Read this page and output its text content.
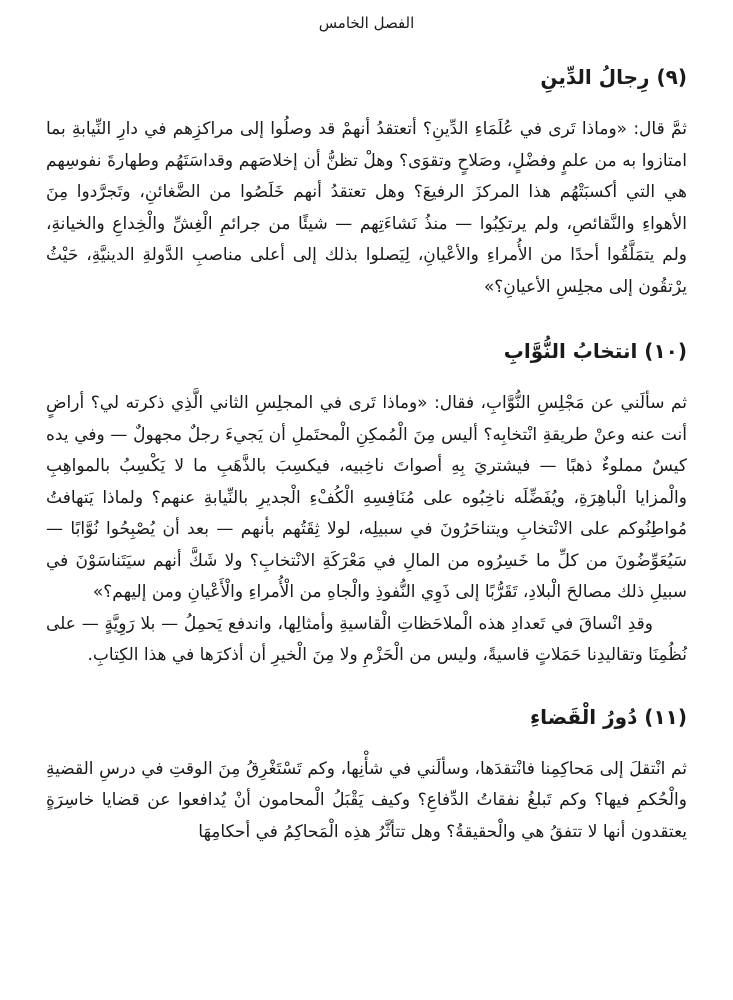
الفصل الخامس
(٩) رِجالُ الدِّينِ

ثمَّ قال: «وماذا تَرى في عُلَمَاءِ الدِّينِ؟ أتعتقدُ أنهمْ قد وصلُوا إلى مراكزِهم في دارِ النِّيابةِ بما امتازوا به من علمٍ وفضْلٍ، وصَلاحٍ وتقوَى؟ وهلْ تظنُّ أن إخلاصَهم وقداسَتَهُم وطهارةَ نفوسِهم هي التي أكسبَتْهُم هذا المركزَ الرفيعَ؟ وهل تعتقدُ أنهم خَلَصُوا من الضَّغائنِ، وتَجرَّدوا مِنَ الأهواءِ والنَّقائصِ، ولم يرتكِبُوا — منذُ نَشاءَتِهم — شيئًا من جرائمِ الْغِشِّ والْخِداعِ والخيانةِ، ولم يتمَلَّقُوا أحدًا من الأُمراءِ والأعْيانِ، لِيَصلوا بذلك إلى أعلى مناصبِ الدَّولةِ الدينيَّةِ، حَيْثُ يرْتقُون إلى مجلِسِ الأعيانِ؟»

(١٠) انتخابُ النُّوَّابِ

ثم سألَني عن مَجْلِسِ النُّوَّابِ، فقال: «وماذا تَرى في المجلِسِ الثاني الَّذِي ذكرته لي؟ أراضٍ أنت عنه وعنْ طريقةِ انْتخابِه؟ أليس مِنَ الْمُمكِنِ الْمحتَملِ أن يَجيءَ رجلٌ مجهولٌ — وفي يده كيسٌ مملوءٌ ذهبًا — فيشتريَ بِهِ أصواتَ ناخِبيه، فيكسِبَ بالذَّهَبِ ما لا يَكْسِبُ بالمواهِبِ والْمزايا الْباهِرَةِ، ويُفَضِّلَه ناخِبُوه على مُنَافِسِهِ الْكُفْءِ الْجديرِ بالنِّيابةِ عنهم؟ ولماذا يَتهافتُ مُواطِنُوكم على الانْتخابِ ويتناحَرُونَ في سبيلِه، لولا ثِقَتُهم بأنهم — بعد أن يُصْبِحُوا نُوَّابًا — سَيُعَوِّضُونَ من كلِّ ما خَسِرُوه من المالِ في مَعْرَكَةِ الانْتخابِ؟ ولا شَكَّ أنهم سيَتَناسَوْنَ في سبيلِ ذلك مصالحَ الْبلادِ، تَقَرُّبًا إلى ذَوِي النُّفوذِ والْجاهِ من الْأُمراءِ والْأَعْيانِ ومن إليهم؟»

وقدِ انْساقَ في تَعدادِ هذه الْملاحَظاتِ الْقاسيةِ وأمثالِها، واندفع يَحمِلُ — بلا رَوِيَّةٍ — على نُظُمِنَا وتقاليدِنا حَمَلاتٍ قاسيةً، وليس من الْحَزْمِ ولا مِنَ الْخيرِ أن أذكرَها في هذا الكِتابِ.

(١١) دُورُ الْقَضاءِ

ثم انْتقلَ إلى مَحاكِمِنا فانْتقدَها، وسألَني في شأْنِها، وكم تَسْتَغْرِقُ مِنَ الوقتِ في درسِ القضيةِ والْحُكمِ فيها؟ وكم تَبلغُ نفقاتُ الدِّفاعِ؟ وكيف يَقْبَلُ الْمحامون أنْ يُدافعوا عن قضايا خاسِرَةٍ يعتقدون أنها لا تتفقُ هي والْحقيقةُ؟ وهل تتأثَّرُ هذِه الْمَحاكِمُ في أحكامِهَا
